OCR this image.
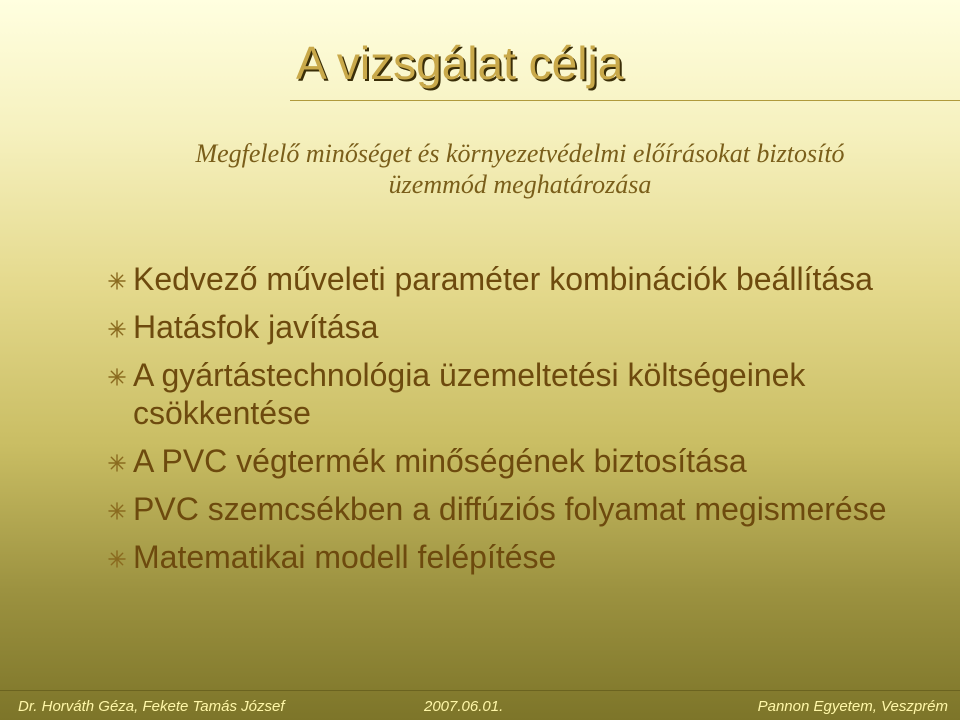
A vizsgálat célja
Megfelelő minőséget és környezetvédelmi előírásokat biztosító
üzemmód meghatározása
Kedvező műveleti paraméter kombinációk beállítása
Hatásfok javítása
A gyártástechnológia üzemeltetési költségeinek csökkentése
A PVC végtermék minőségének biztosítása
PVC szemcsékben a diffúziós folyamat megismerése
Matematikai modell felépítése
Dr. Horváth Géza, Fekete Tamás József	2007.06.01.	Pannon Egyetem, Veszprém
